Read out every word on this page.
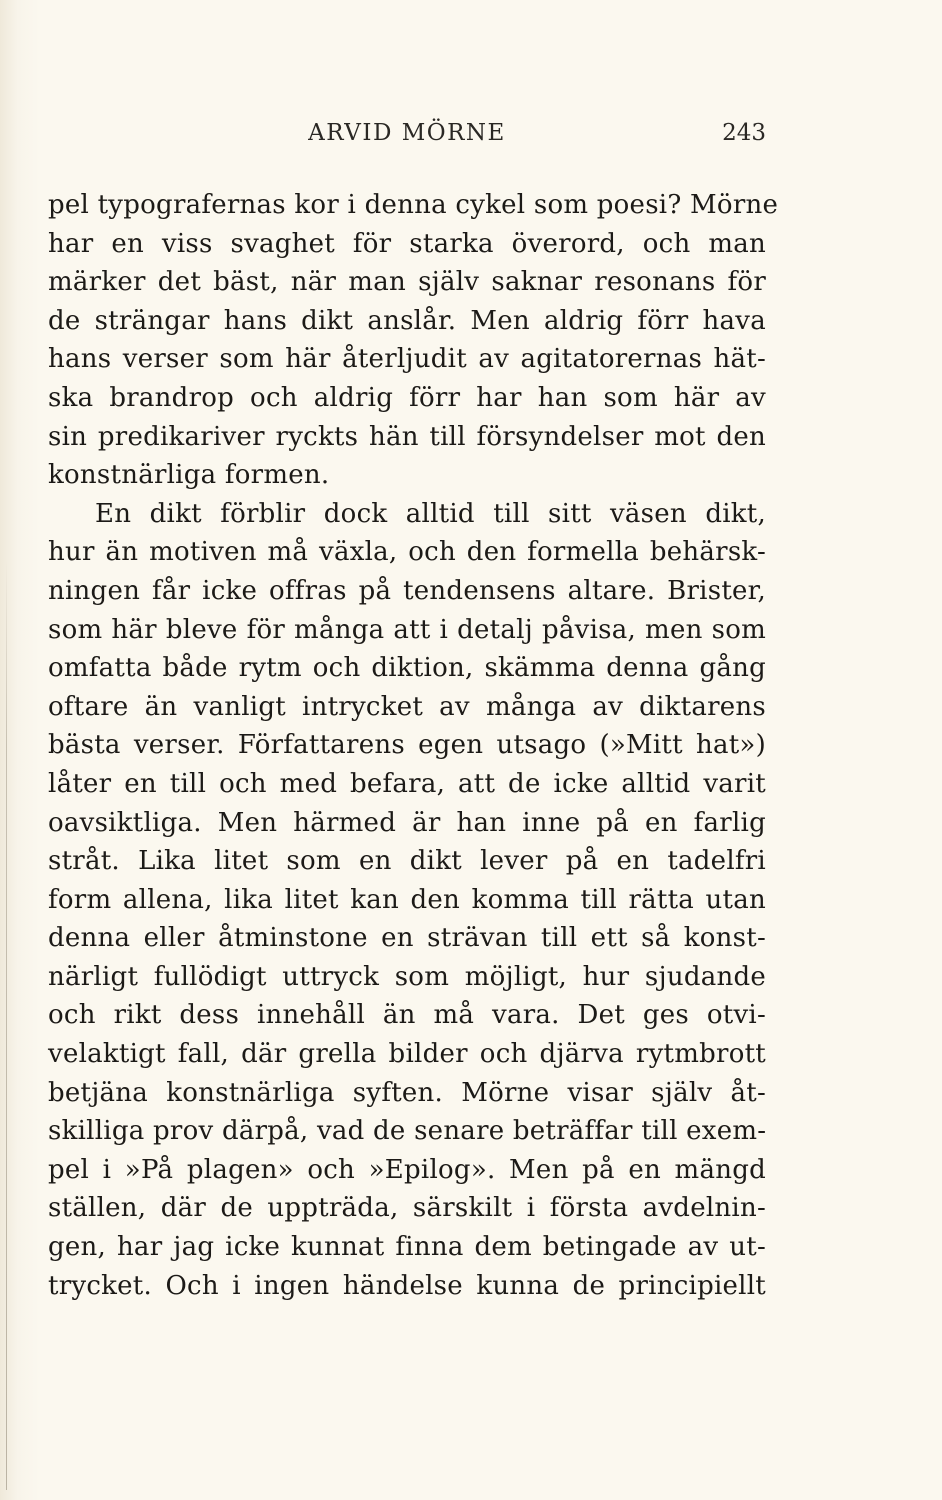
ARVID MÖRNE	243
pel typografernas kor i denna cykel som poesi? Mörne
har en viss svaghet för starka överord, och man
märker det bäst, när man själv saknar resonans för
de strängar hans dikt anslår. Men aldrig förr hava
hans verser som här återljudit av agitatorernas hät-
ska brandrop och aldrig förr har han som här av
sin predikariver ryckts hän till försyndelser mot den
konstnärliga formen.
En dikt förblir dock alltid till sitt väsen dikt,
hur än motiven må växla, och den formella behärsk-
ningen får icke offras på tendensens altare. Brister,
som här bleve för många att i detalj påvisa, men som
omfatta både rytm och diktion, skämma denna gång
oftare än vanligt intrycket av många av diktarens
bästa verser. Författarens egen utsago (»Mitt hat»)
låter en till och med befara, att de icke alltid varit
oavsiktliga. Men härmed är han inne på en farlig
stråt. Lika litet som en dikt lever på en tadelfri
form allena, lika litet kan den komma till rätta utan
denna eller åtminstone en strävan till ett så konst-
närligt fullödigt uttryck som möjligt, hur sjudande
och rikt dess innehåll än må vara. Det ges otvi-
velaktigt fall, där grella bilder och djärva rytmbrott
betjäna konstnärliga syften. Mörne visar själv åt-
skilliga prov därpå, vad de senare beträffar till exem-
pel i »På plagen» och »Epilog». Men på en mängd
ställen, där de uppträda, särskilt i första avdelnin-
gen, har jag icke kunnat finna dem betingade av ut-
trycket. Och i ingen händelse kunna de principiellt
